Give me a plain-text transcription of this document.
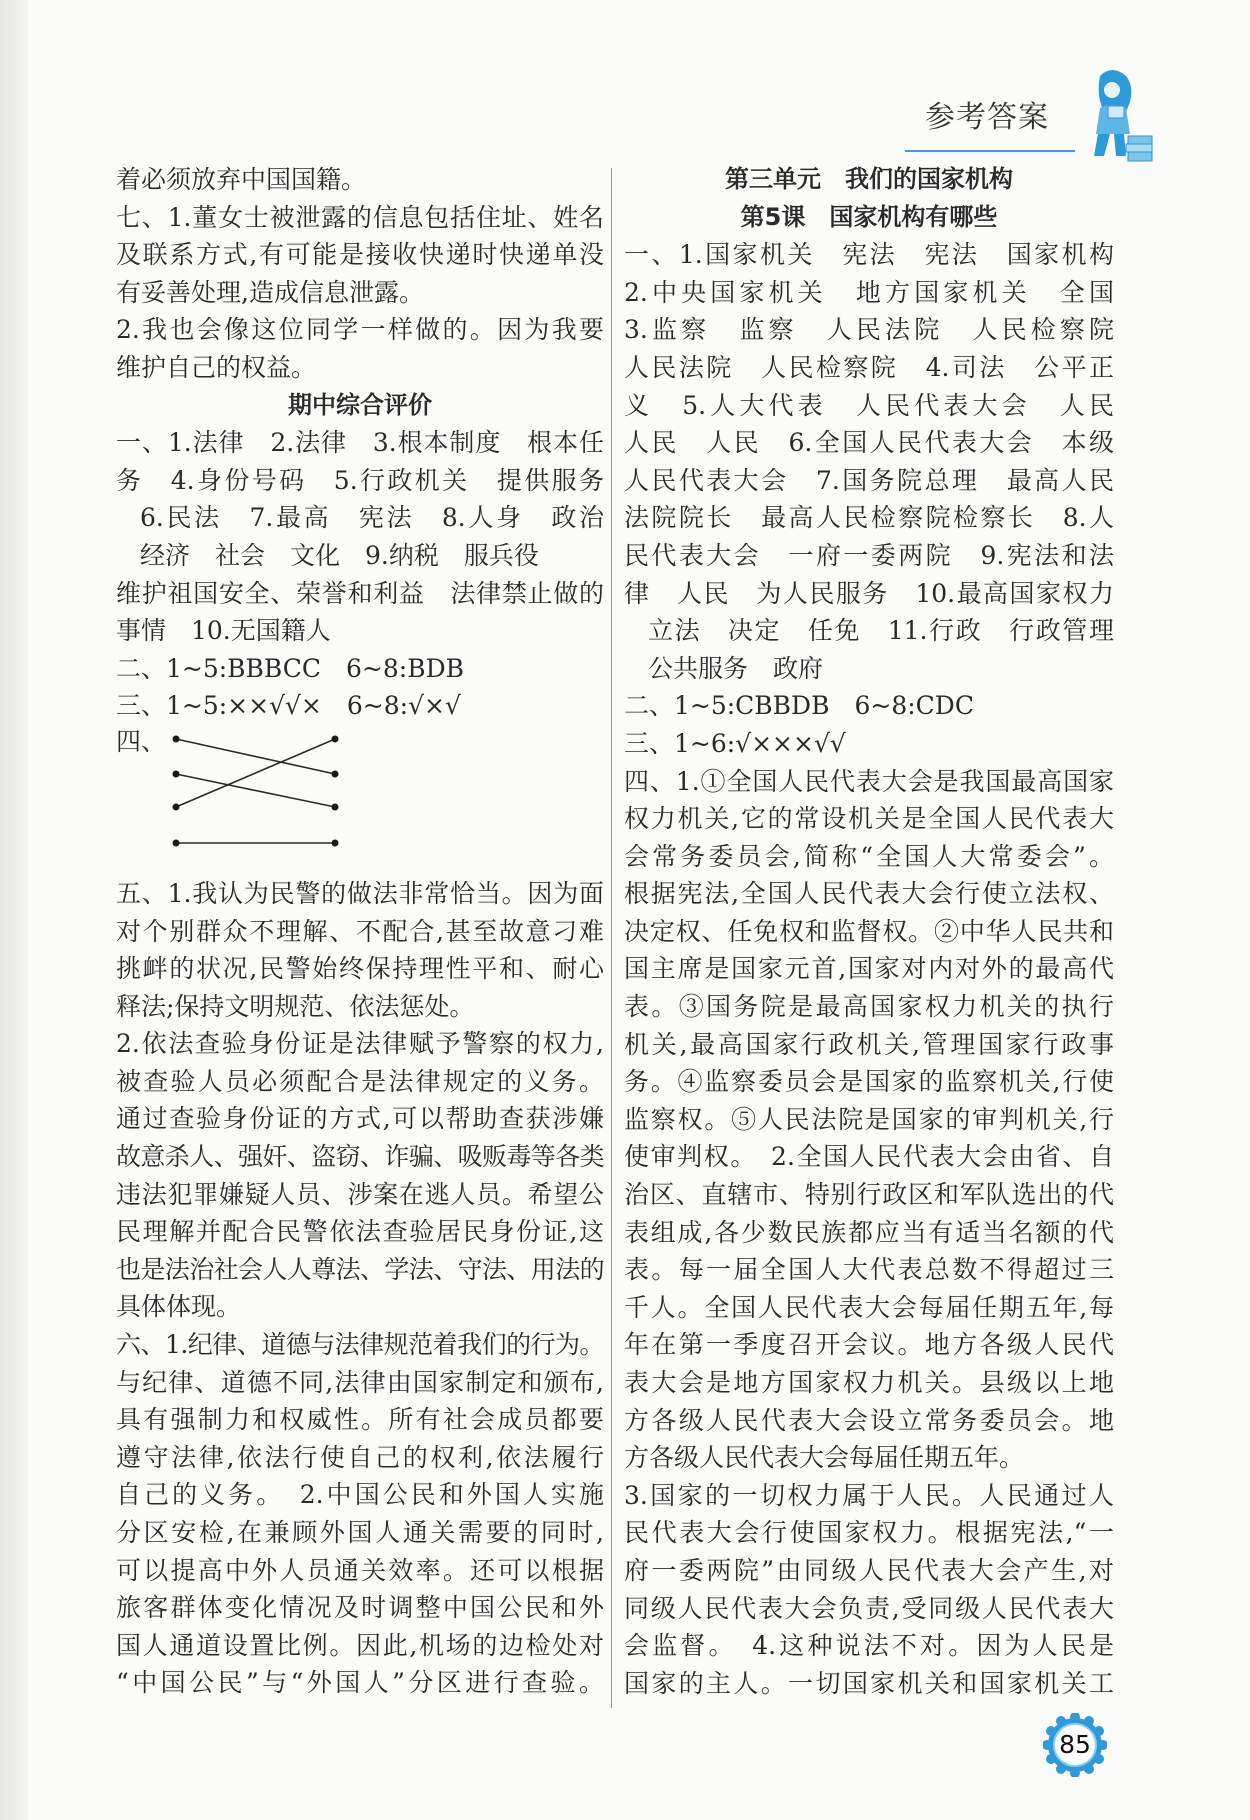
参考答案
着必须放弃中国国籍。
七、1.董女士被泄露的信息包括住址、姓名
及联系方式,有可能是接收快递时快递单没
有妥善处理,造成信息泄露。
2.我也会像这位同学一样做的。因为我要
维护自己的权益。
期中综合评价
一、1.法律　2.法律　3.根本制度　根本任
务　4.身份号码　5.行政机关　提供服务
6.民法　7.最高　宪法　8.人身　政治
经济　社会　文化　9.纳税　服兵役
维护祖国安全、荣誉和利益　法律禁止做的
事情　10.无国籍人
二、1~5:BBBCC　6~8:BDB
三、1~5:××√√×　6~8:√×√
四、
五、1.我认为民警的做法非常恰当。因为面
对个别群众不理解、不配合,甚至故意刁难
挑衅的状况,民警始终保持理性平和、耐心
释法;保持文明规范、依法惩处。
2.依法查验身份证是法律赋予警察的权力,
被查验人员必须配合是法律规定的义务。
通过查验身份证的方式,可以帮助查获涉嫌
故意杀人、强奸、盗窃、诈骗、吸贩毒等各类
违法犯罪嫌疑人员、涉案在逃人员。希望公
民理解并配合民警依法查验居民身份证,这
也是法治社会人人尊法、学法、守法、用法的
具体体现。
六、1.纪律、道德与法律规范着我们的行为。
与纪律、道德不同,法律由国家制定和颁布,
具有强制力和权威性。所有社会成员都要
遵守法律,依法行使自己的权利,依法履行
自己的义务。　2.中国公民和外国人实施
分区安检,在兼顾外国人通关需要的同时,
可以提高中外人员通关效率。还可以根据
旅客群体变化情况及时调整中国公民和外
国人通道设置比例。因此,机场的边检处对
“中国公民”与“外国人”分区进行查验。
第三单元　我们的国家机构
第5课　国家机构有哪些
一、1.国家机关　宪法　宪法　国家机构
2.中央国家机关　地方国家机关　全国
3.监察　监察　人民法院　人民检察院
人民法院　人民检察院　4.司法　公平正
义　5.人大代表　人民代表大会　人民
人民　人民　6.全国人民代表大会　本级
人民代表大会　7.国务院总理　最高人民
法院院长　最高人民检察院检察长　8.人
民代表大会　一府一委两院　9.宪法和法
律　人民　为人民服务　10.最高国家权力
立法　决定　任免　11.行政　行政管理
公共服务　政府
二、1~5:CBBDB　6~8:CDC
三、1~6:√×××√√
四、1.①全国人民代表大会是我国最高国家
权力机关,它的常设机关是全国人民代表大
会常务委员会,简称“全国人大常委会”。
根据宪法,全国人民代表大会行使立法权、
决定权、任免权和监督权。②中华人民共和
国主席是国家元首,国家对内对外的最高代
表。③国务院是最高国家权力机关的执行
机关,最高国家行政机关,管理国家行政事
务。④监察委员会是国家的监察机关,行使
监察权。⑤人民法院是国家的审判机关,行
使审判权。　2.全国人民代表大会由省、自
治区、直辖市、特别行政区和军队选出的代
表组成,各少数民族都应当有适当名额的代
表。每一届全国人大代表总数不得超过三
千人。全国人民代表大会每届任期五年,每
年在第一季度召开会议。地方各级人民代
表大会是地方国家权力机关。县级以上地
方各级人民代表大会设立常务委员会。地
方各级人民代表大会每届任期五年。
3.国家的一切权力属于人民。人民通过人
民代表大会行使国家权力。根据宪法,“一
府一委两院”由同级人民代表大会产生,对
同级人民代表大会负责,受同级人民代表大
会监督。　4.这种说法不对。因为人民是
国家的主人。一切国家机关和国家机关工
85
